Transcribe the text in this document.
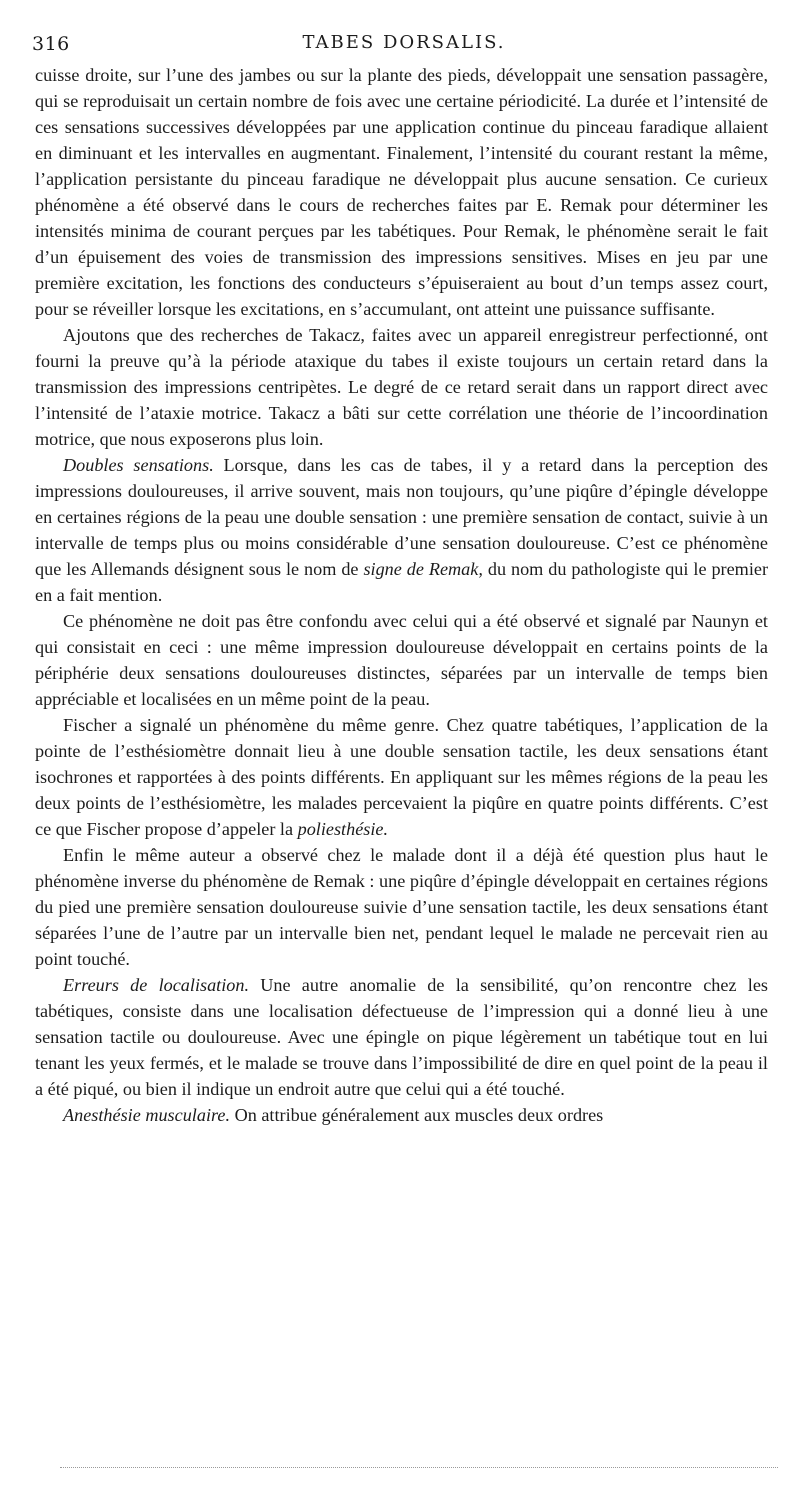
316	TABES DORSALIS.

cuisse droite, sur l’une des jambes ou sur la plante des pieds, développait une sensation passagère, qui se reproduisait un certain nombre de fois avec une certaine périodicité. La durée et l’intensité de ces sensations successives développées par une application continue du pinceau faradique allaient en diminuant et les intervalles en augmentant. Finalement, l’intensité du courant restant la même, l’application persistante du pinceau faradique ne développait plus aucune sensation. Ce curieux phénomène a été observé dans le cours de recherches faites par E. Remak pour déterminer les intensités minima de courant perçues par les tabétiques. Pour Remak, le phénomène serait le fait d’un épuisement des voies de transmission des impressions sensitives. Mises en jeu par une première excitation, les fonctions des conducteurs s’épuiseraient au bout d’un temps assez court, pour se réveiller lorsque les excitations, en s’accumulant, ont atteint une puissance suffisante.

Ajoutons que des recherches de Takacz, faites avec un appareil enregistreur perfectionné, ont fourni la preuve qu’à la période ataxique du tabes il existe toujours un certain retard dans la transmission des impressions centripètes. Le degré de ce retard serait dans un rapport direct avec l’intensité de l’ataxie motrice. Takacz a bâti sur cette corrélation une théorie de l’incoordination motrice, que nous exposerons plus loin.

Doubles sensations. Lorsque, dans les cas de tabes, il y a retard dans la perception des impressions douloureuses, il arrive souvent, mais non toujours, qu’une piqûre d’épingle développe en certaines régions de la peau une double sensation : une première sensation de contact, suivie à un intervalle de temps plus ou moins considérable d’une sensation douloureuse. C’est ce phénomène que les Allemands désignent sous le nom de signe de Remak, du nom du pathologiste qui le premier en a fait mention.

Ce phénomène ne doit pas être confondu avec celui qui a été observé et signalé par Naunyn et qui consistait en ceci : une même impression douloureuse développait en certains points de la périphérie deux sensations douloureuses distinctes, séparées par un intervalle de temps bien appréciable et localisées en un même point de la peau.

Fischer a signalé un phénomène du même genre. Chez quatre tabétiques, l’application de la pointe de l’esthésiomètre donnait lieu à une double sensation tactile, les deux sensations étant isochrones et rapportées à des points différents. En appliquant sur les mêmes régions de la peau les deux points de l’esthésiomètre, les malades percevaient la piqûre en quatre points différents. C’est ce que Fischer propose d’appeler la poliesthésie.

Enfin le même auteur a observé chez le malade dont il a déjà été question plus haut le phénomène inverse du phénomène de Remak : une piqûre d’épingle développait en certaines régions du pied une première sensation douloureuse suivie d’une sensation tactile, les deux sensations étant séparées l’une de l’autre par un intervalle bien net, pendant lequel le malade ne percevait rien au point touché.

Erreurs de localisation. Une autre anomalie de la sensibilité, qu’on rencontre chez les tabétiques, consiste dans une localisation défectueuse de l’impression qui a donné lieu à une sensation tactile ou douloureuse. Avec une épingle on pique légèrement un tabétique tout en lui tenant les yeux fermés, et le malade se trouve dans l’impossibilité de dire en quel point de la peau il a été piqué, ou bien il indique un endroit autre que celui qui a été touché.

Anesthésie musculaire. On attribue généralement aux muscles deux ordres
